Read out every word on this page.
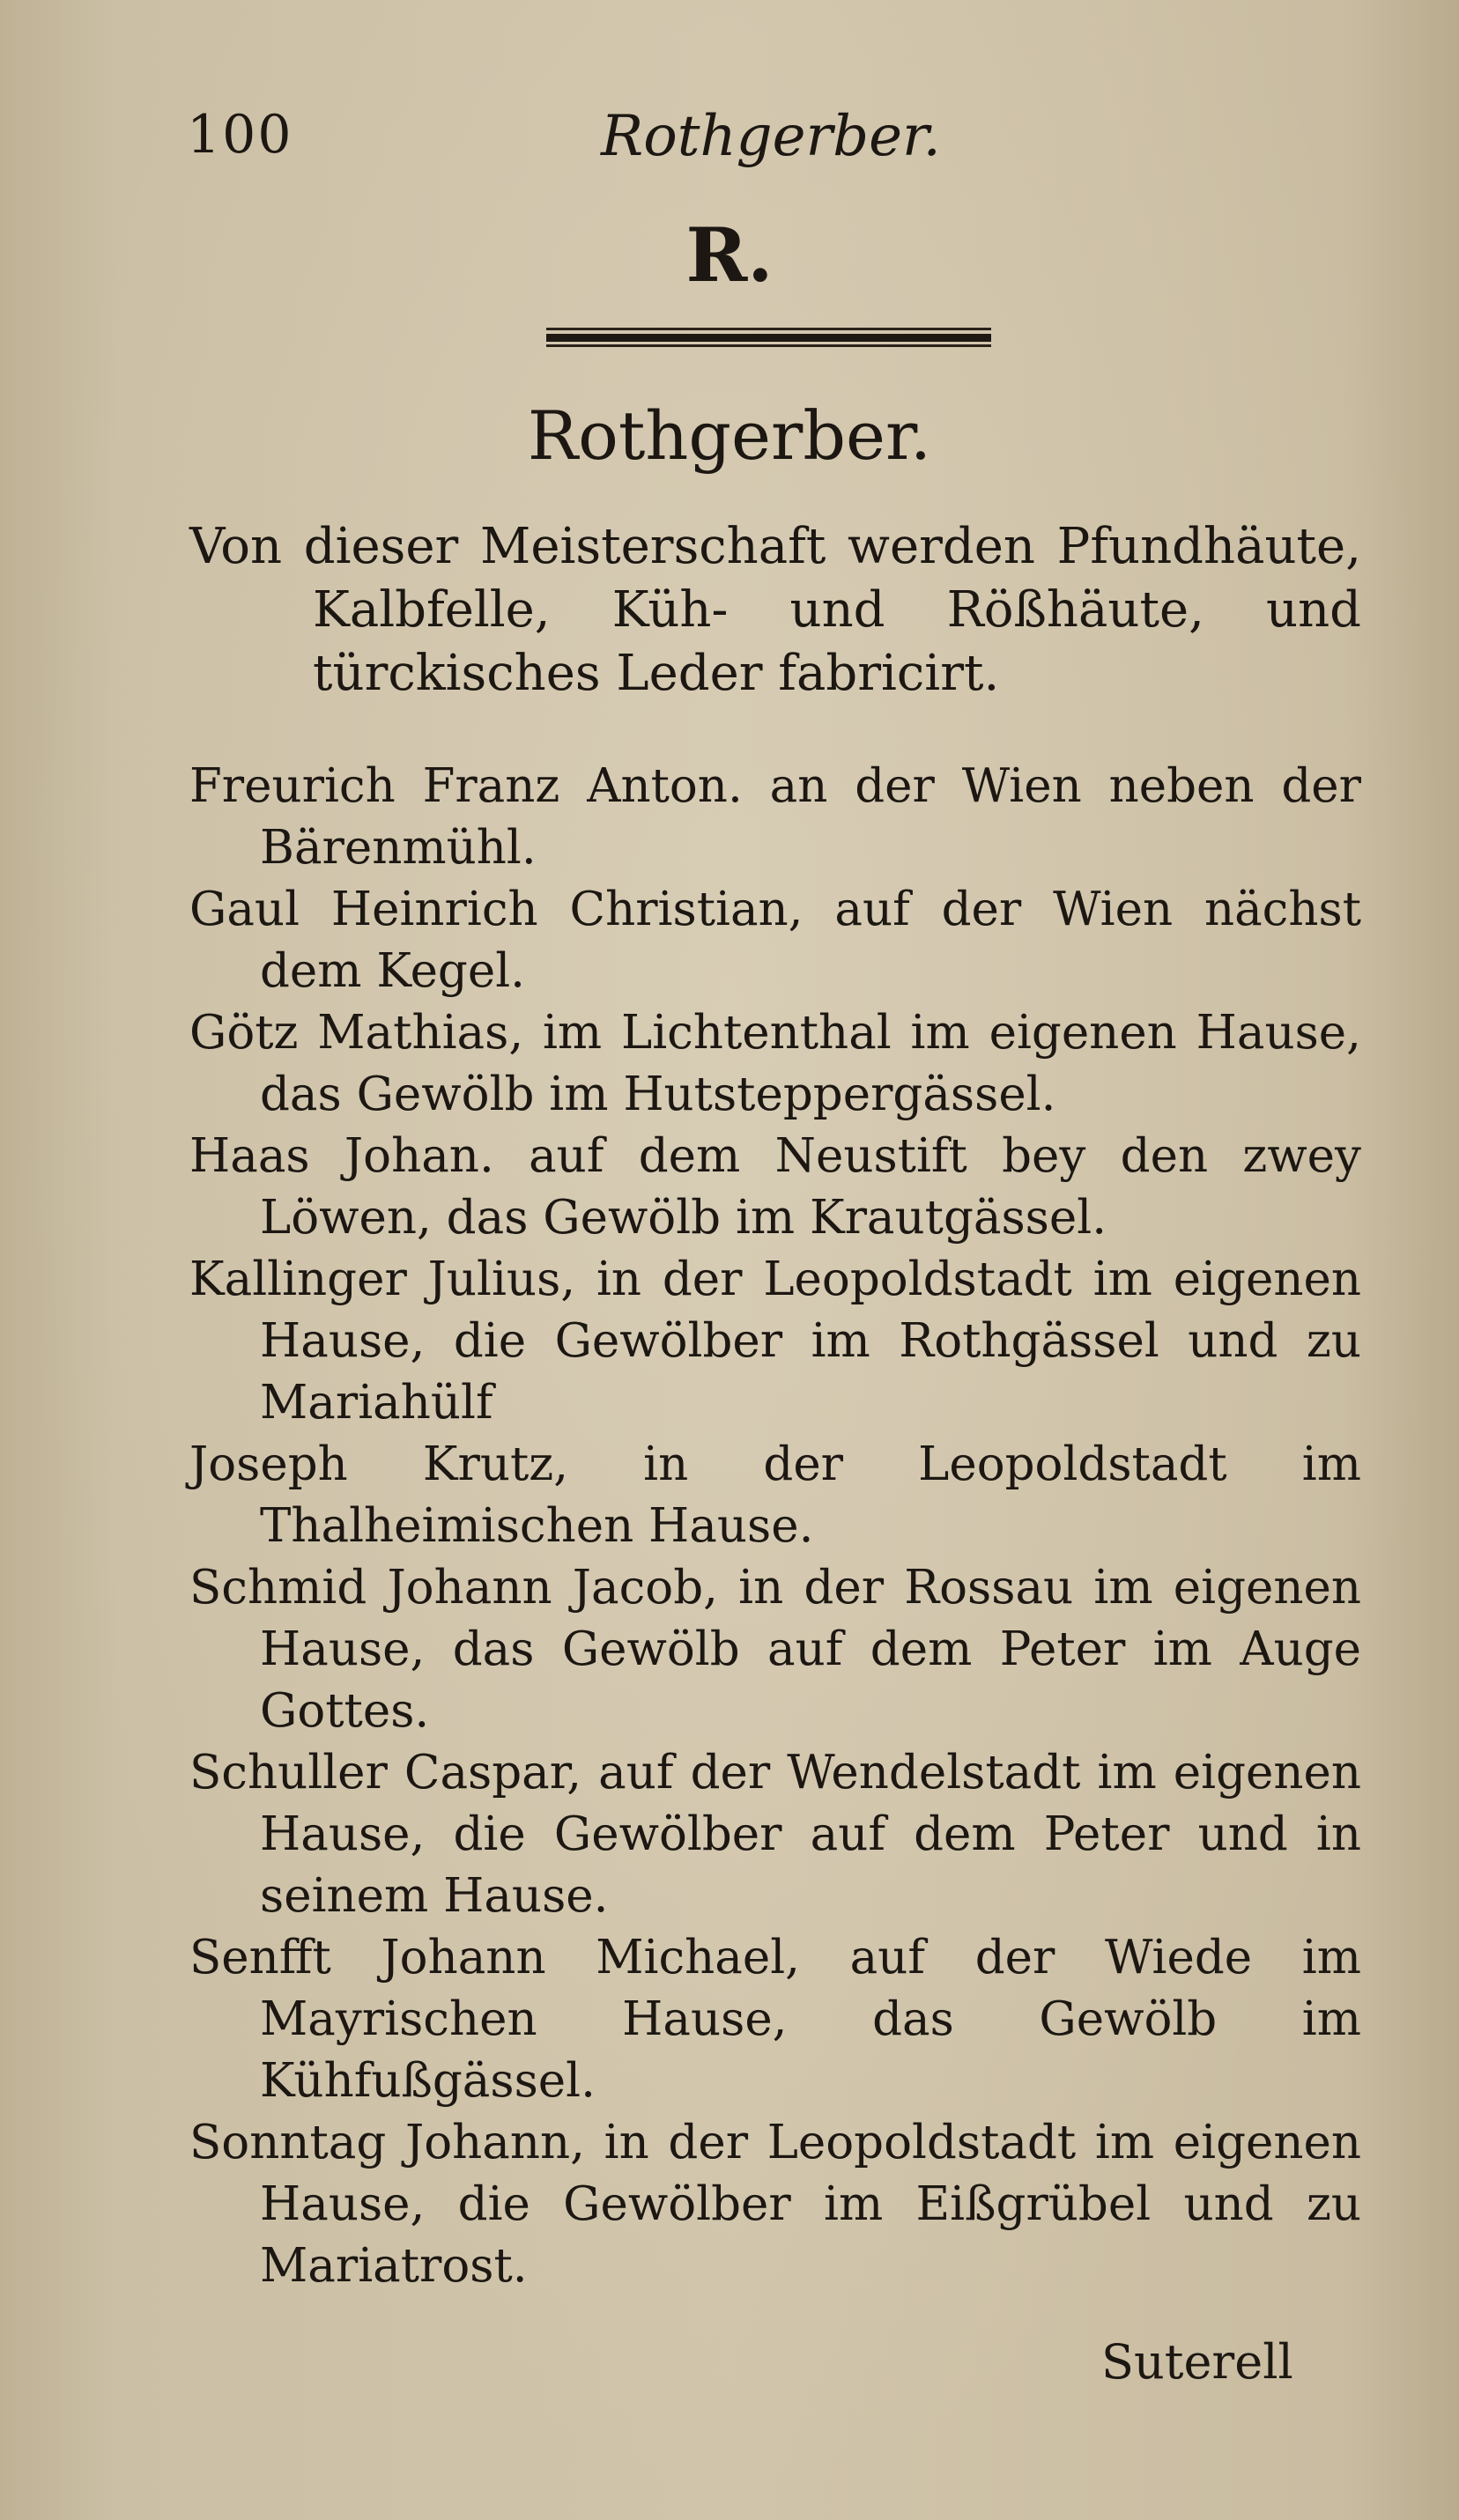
100	Rothgerber.
R.
Rothgerber.

Von dieser Meisterschaft werden Pfundhäute, Kalbfelle, Küh- und Rößhäute, und türckisches Leder fabricirt.

Freurich Franz Anton. an der Wien neben der Bärenmühl.
Gaul Heinrich Christian, auf der Wien nächst dem Kegel.
Götz Mathias, im Lichtenthal im eigenen Hause, das Gewölb im Hutsteppergässel.
Haas Johan. auf dem Neustift bey den zwey Löwen, das Gewölb im Krautgässel.
Kallinger Julius, in der Leopoldstadt im eigenen Hause, die Gewölber im Rothgässel und zu Mariahülf
Joseph Krutz, in der Leopoldstadt im Thalheimischen Hause.
Schmid Johann Jacob, in der Rossau im eigenen Hause, das Gewölb auf dem Peter im Auge Gottes.
Schuller Caspar, auf der Wendelstadt im eigenen Hause, die Gewölber auf dem Peter und in seinem Hause.
Senfft Johann Michael, auf der Wiede im Mayrischen Hause, das Gewölb im Kühfußgässel.
Sonntag Johann, in der Leopoldstadt im eigenen Hause, die Gewölber im Eißgrübel und zu Mariatrost.
Suterell
